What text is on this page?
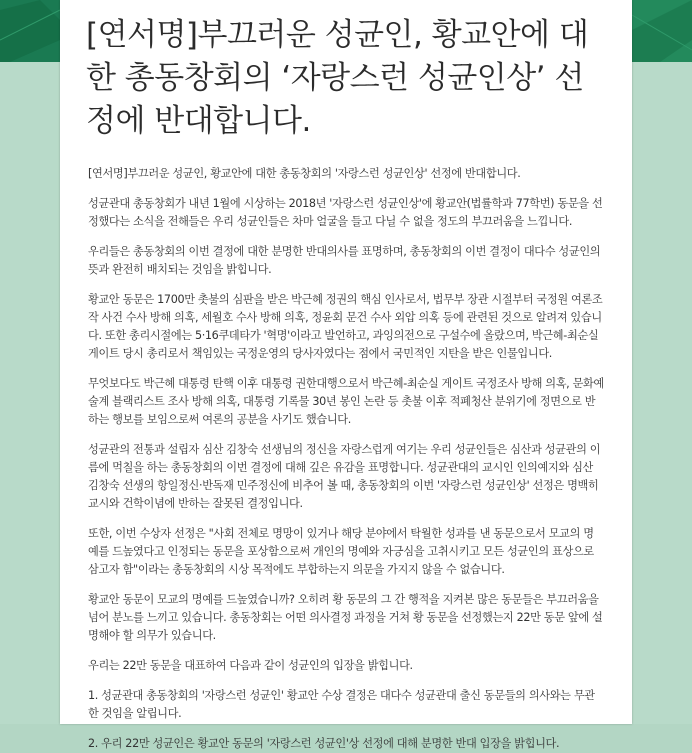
[연서명]부끄러운 성균인, 황교안에 대한 총동창회의 ‘자랑스런 성균인상’ 선정에 반대합니다.

[연서명]부끄러운 성균인, 황교안에 대한 총동창회의 '자랑스런 성균인상' 선정에 반대합니다.

성균관대 총동창회가 내년 1월에 시상하는 2018년 '자랑스런 성균인상'에 황교안(법률학과 77학번) 동문을 선정했다는 소식을 전해들은 우리 성균인들은 차마 얼굴을 들고 다닐 수 없을 정도의 부끄러움을 느낍니다.

우리들은 총동창회의 이번 결정에 대한 분명한 반대의사를 표명하며, 총동창회의 이번 결정이 대다수 성균인의 뜻과 완전히 배치되는 것임을 밝힙니다.

황교안 동문은 1700만 촛불의 심판을 받은 박근혜 정권의 핵심 인사로서, 법무부 장관 시절부터 국정원 여론조작 사건 수사 방해 의혹, 세월호 수사 방해 의혹, 정윤회 문건 수사 외압 의혹 등에 관련된 것으로 알려져 있습니다. 또한 총리시절에는 5·16쿠데타가 '혁명'이라고 발언하고, 과잉의전으로 구설수에 올랐으며, 박근혜-최순실 게이트 당시 총리로서 책임있는 국정운영의 당사자였다는 점에서 국민적인 지탄을 받은 인물입니다.

무엇보다도 박근혜 대통령 탄핵 이후 대통령 권한대행으로서 박근혜-최순실 게이트 국정조사 방해 의혹, 문화예술계 블랙리스트 조사 방해 의혹, 대통령 기록물 30년 봉인 논란 등 촛불 이후 적폐청산 분위기에 정면으로 반하는 행보를 보임으로써 여론의 공분을 사기도 했습니다.

성균관의 전통과 설립자 심산 김창숙 선생님의 정신을 자랑스럽게 여기는 우리 성균인들은 심산과 성균관의 이름에 먹칠을 하는 총동창회의 이번 결정에 대해 깊은 유감을 표명합니다. 성균관대의 교시인 인의예지와 심산 김창숙 선생의 항일정신·반독재 민주정신에 비추어 볼 때, 총동창회의 이번 '자랑스런 성균인상' 선정은 명백히 교시와 건학이념에 반하는 잘못된 결정입니다.

또한, 이번 수상자 선정은 "사회 전체로 명망이 있거나 해당 분야에서 탁월한 성과를 낸 동문으로서 모교의 명예를 드높였다고 인정되는 동문을 포상함으로써 개인의 명예와 자긍심을 고취시키고 모든 성균인의 표상으로 삼고자 함"이라는 총동창회의 시상 목적에도 부합하는지 의문을 가지지 않을 수 없습니다.

황교안 동문이 모교의 명예를 드높였습니까? 오히려 황 동문의 그 간 행적을 지켜본 많은 동문들은 부끄러움을 넘어 분노를 느끼고 있습니다. 총동창회는 어떤 의사결정 과정을 거쳐 황 동문을 선정했는지 22만 동문 앞에 설명해야 할 의무가 있습니다.

우리는 22만 동문을 대표하여 다음과 같이 성균인의 입장을 밝힙니다.

1. 성균관대 총동창회의 '자랑스런 성균인' 황교안 수상 결정은 대다수 성균관대 출신 동문들의 의사와는 무관한 것임을 알립니다.

2. 우리 22만 성균인은 황교안 동문의 '자랑스런 성균인'상 선정에 대해 분명한 반대 입장을 밝힙니다.
